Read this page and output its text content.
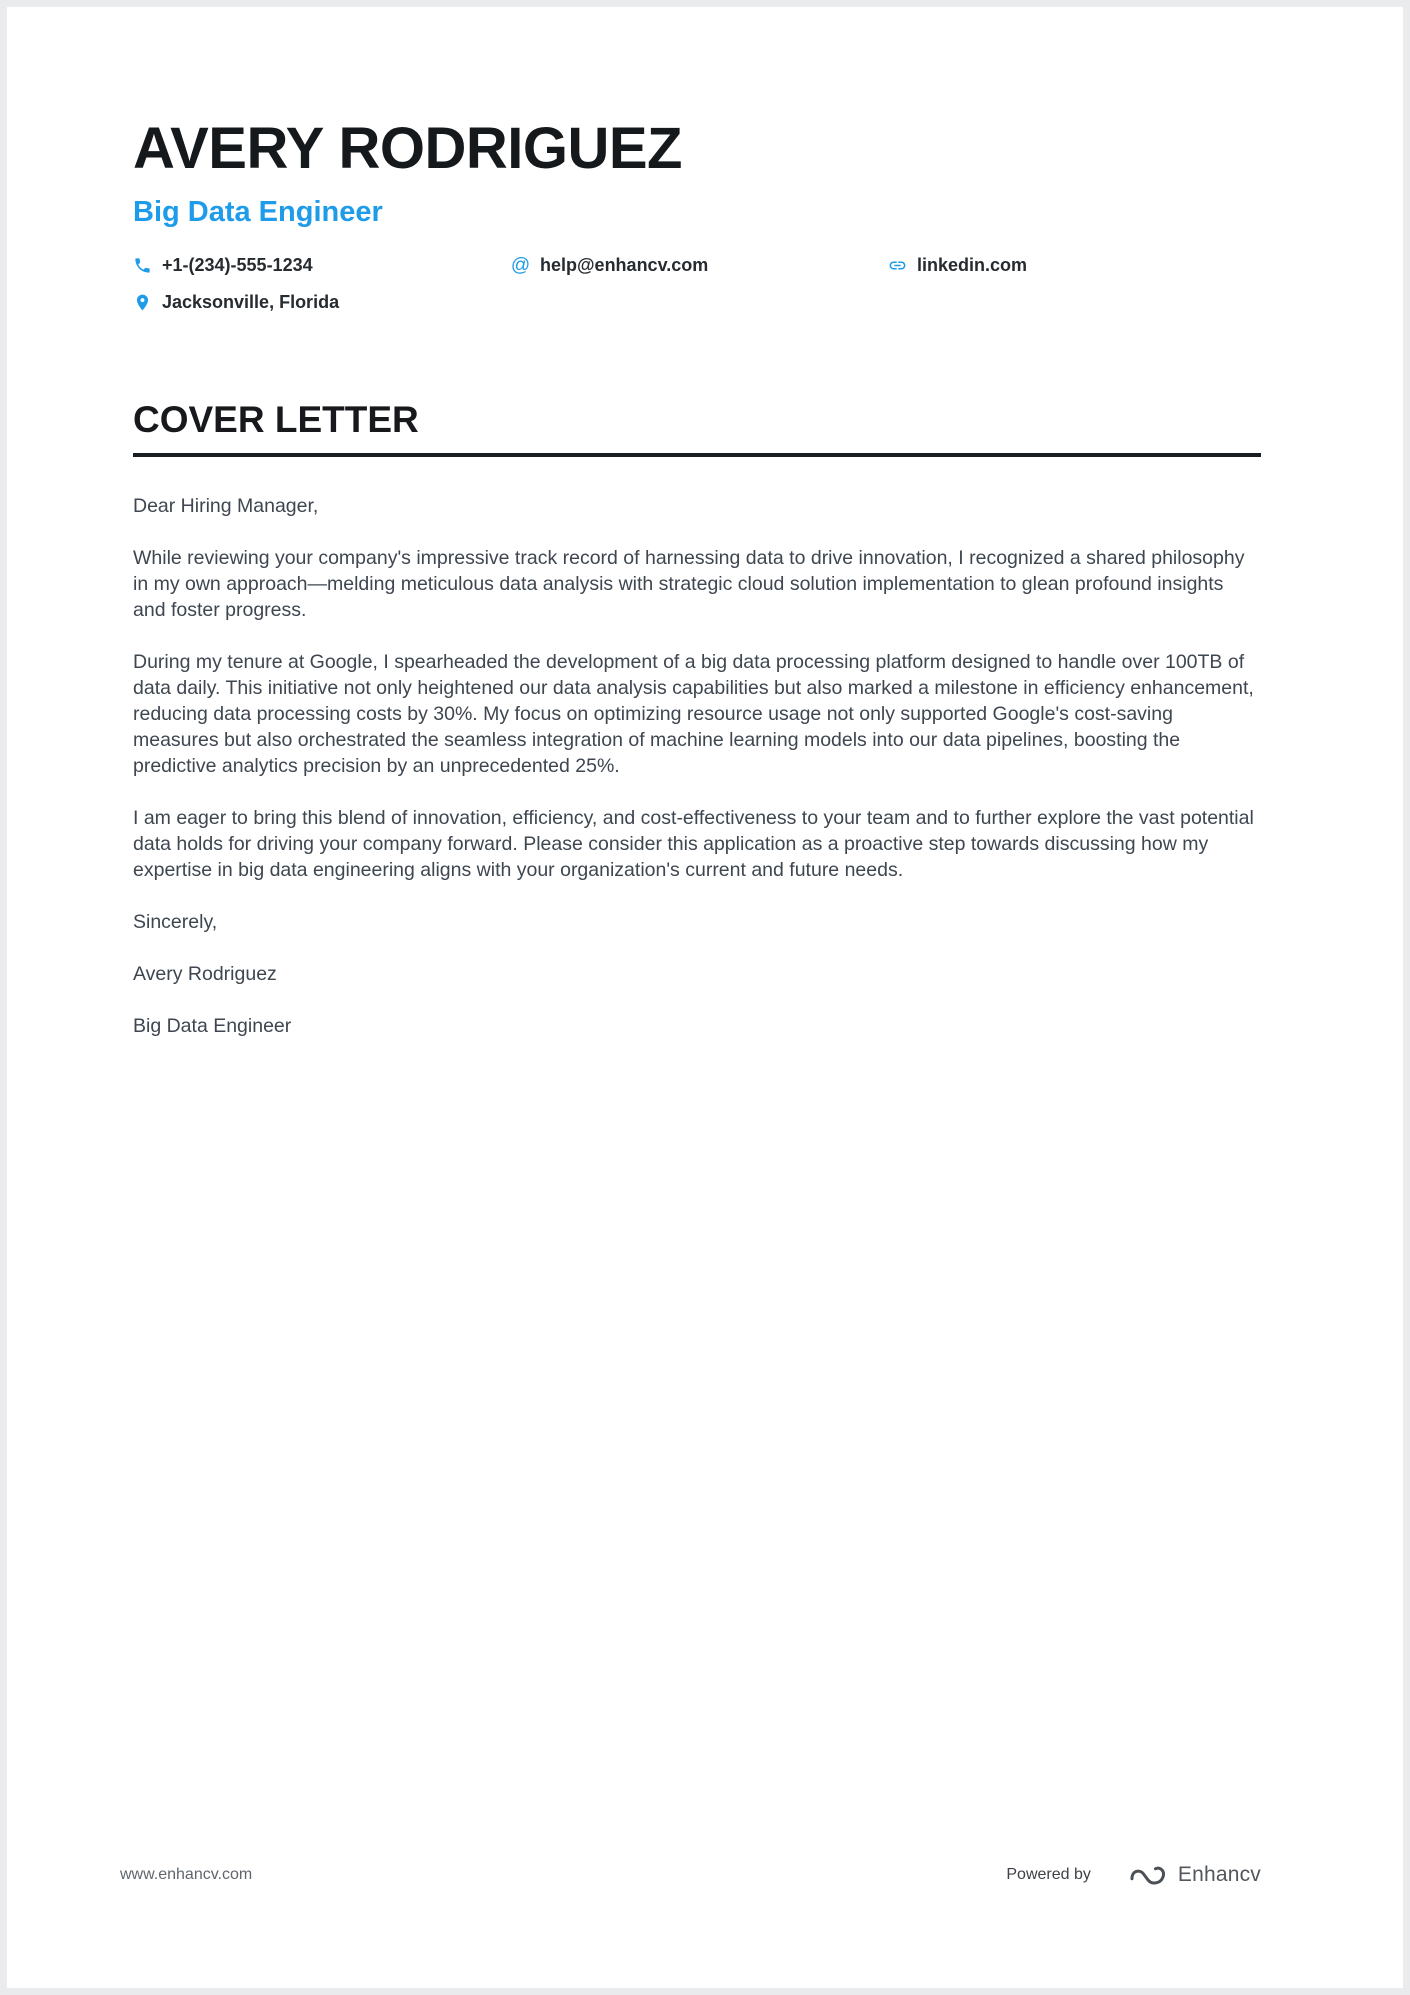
AVERY RODRIGUEZ
Big Data Engineer
+1-(234)-555-1234	@ help@enhancv.com	linkedin.com
Jacksonville, Florida
COVER LETTER

Dear Hiring Manager,

While reviewing your company's impressive track record of harnessing data to drive innovation, I recognized a shared philosophy in my own approach—melding meticulous data analysis with strategic cloud solution implementation to glean profound insights and foster progress.

During my tenure at Google, I spearheaded the development of a big data processing platform designed to handle over 100TB of data daily. This initiative not only heightened our data analysis capabilities but also marked a milestone in efficiency enhancement, reducing data processing costs by 30%. My focus on optimizing resource usage not only supported Google's cost-saving measures but also orchestrated the seamless integration of machine learning models into our data pipelines, boosting the predictive analytics precision by an unprecedented 25%.

I am eager to bring this blend of innovation, efficiency, and cost-effectiveness to your team and to further explore the vast potential data holds for driving your company forward. Please consider this application as a proactive step towards discussing how my expertise in big data engineering aligns with your organization's current and future needs.

Sincerely,

Avery Rodriguez

Big Data Engineer

www.enhancv.com	Powered by	Enhancv
